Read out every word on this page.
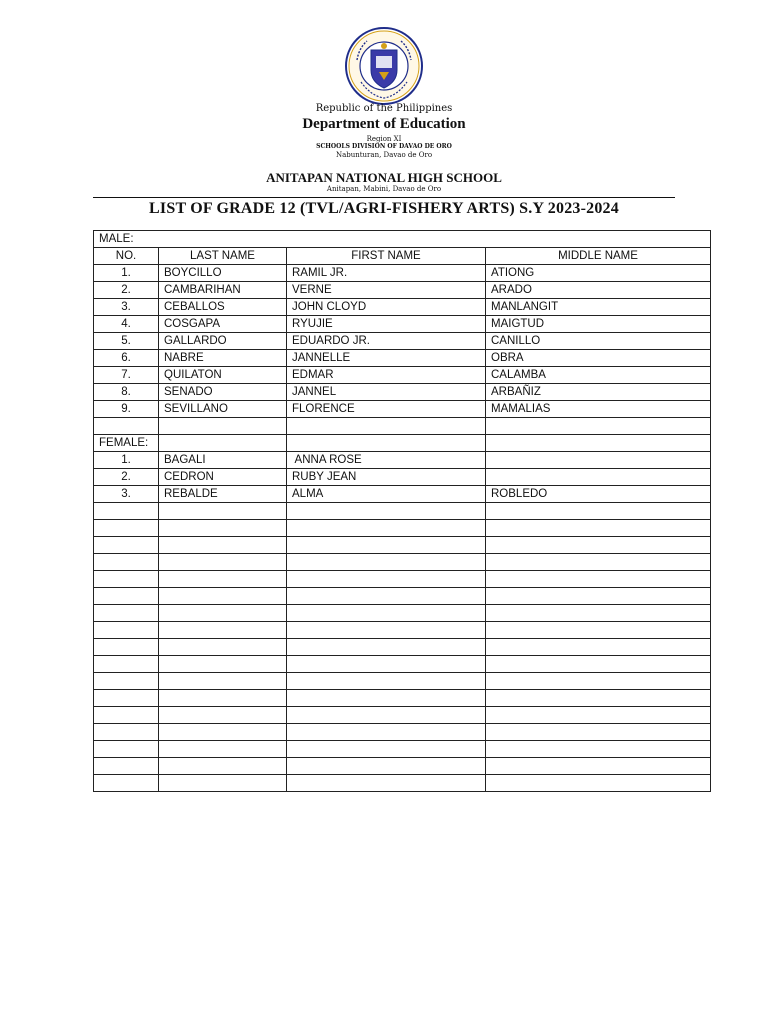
Republic of the Philippines
Department of Education
Region XI
SCHOOLS DIVISION OF DAVAO DE ORO
Nabunturan, Davao de Oro
ANITAPAN NATIONAL HIGH SCHOOL
Anitapan, Mabini, Davao de Oro
LIST OF GRADE 12 (TVL/AGRI-FISHERY ARTS) S.Y 2023-2024
MALE:			
NO.	LAST NAME	FIRST NAME	MIDDLE NAME
1.	BOYCILLO	RAMIL JR.	ATIONG
2.	CAMBARIHAN	VERNE	ARADO
3.	CEBALLOS	JOHN CLOYD	MANLANGIT
4.	COSGAPA	RYUJIE	MAIGTUD
5.	GALLARDO	EDUARDO JR.	CANILLO
6.	NABRE	JANNELLE	OBRA
7.	QUILATON	EDMAR	CALAMBA
8.	SENADO	JANNEL	ARBAÑIZ
9.	SEVILLANO	FLORENCE	MAMALIAS

FEMALE:			
1.	BAGALI	ANNA ROSE	
2.	CEDRON	RUBY JEAN	
3.	REBALDE	ALMA	ROBLEDO
